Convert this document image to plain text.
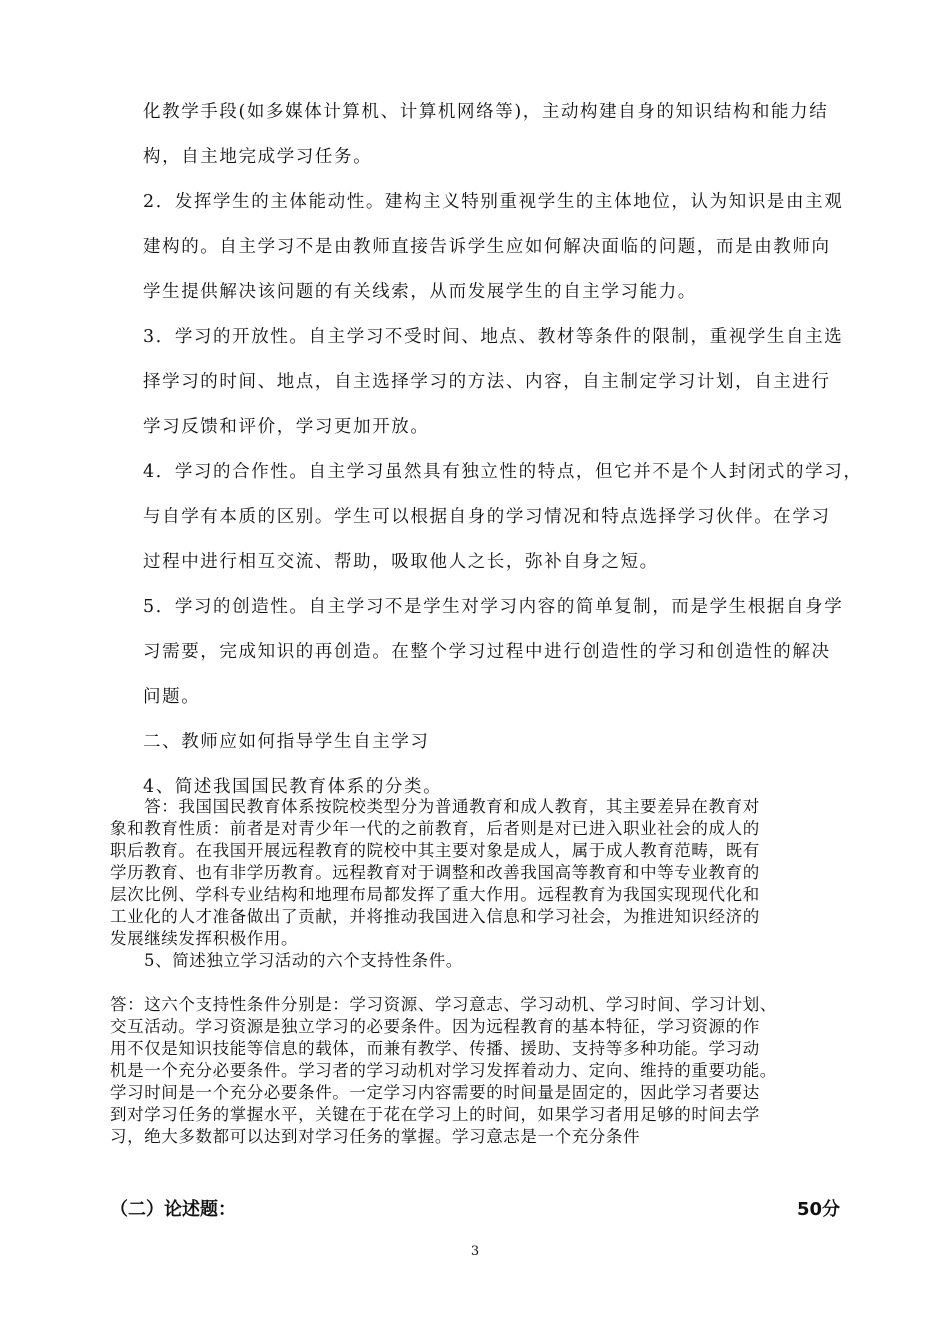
化教学手段(如多媒体计算机、计算机网络等)，主动构建自身的知识结构和能力结

构，自主地完成学习任务。

2．发挥学生的主体能动性。建构主义特别重视学生的主体地位，认为知识是由主观

建构的。自主学习不是由教师直接告诉学生应如何解决面临的问题，而是由教师向

学生提供解决该问题的有关线索，从而发展学生的自主学习能力。

3．学习的开放性。自主学习不受时间、地点、教材等条件的限制，重视学生自主选

择学习的时间、地点，自主选择学习的方法、内容，自主制定学习计划，自主进行

学习反馈和评价，学习更加开放。

4．学习的合作性。自主学习虽然具有独立性的特点，但它并不是个人封闭式的学习，

与自学有本质的区别。学生可以根据自身的学习情况和特点选择学习伙伴。在学习

过程中进行相互交流、帮助，吸取他人之长，弥补自身之短。

5．学习的创造性。自主学习不是学生对学习内容的简单复制，而是学生根据自身学

习需要，完成知识的再创造。在整个学习过程中进行创造性的学习和创造性的解决

问题。

二、教师应如何指导学生自主学习

4、简述我国国民教育体系的分类。

　　答：我国国民教育体系按院校类型分为普通教育和成人教育，其主要差异在教育对

象和教育性质：前者是对青少年一代的之前教育，后者则是对已进入职业社会的成人的

职后教育。在我国开展远程教育的院校中其主要对象是成人，属于成人教育范畴，既有

学历教育、也有非学历教育。远程教育对于调整和改善我国高等教育和中等专业教育的

层次比例、学科专业结构和地理布局都发挥了重大作用。远程教育为我国实现现代化和

工业化的人才准备做出了贡献，并将推动我国进入信息和学习社会，为推进知识经济的

发展继续发挥积极作用。

5、简述独立学习活动的六个支持性条件。

答：这六个支持性条件分别是：学习资源、学习意志、学习动机、学习时间、学习计划、

交互活动。学习资源是独立学习的必要条件。因为远程教育的基本特征，学习资源的作

用不仅是知识技能等信息的载体，而兼有教学、传播、援助、支持等多种功能。学习动

机是一个充分必要条件。学习者的学习动机对学习发挥着动力、定向、维持的重要功能。

学习时间是一个充分必要条件。一定学习内容需要的时间量是固定的，因此学习者要达

到对学习任务的掌握水平，关键在于花在学习上的时间，如果学习者用足够的时间去学

习，绝大多数都可以达到对学习任务的掌握。学习意志是一个充分条件

（二）论述题：	50分
3
